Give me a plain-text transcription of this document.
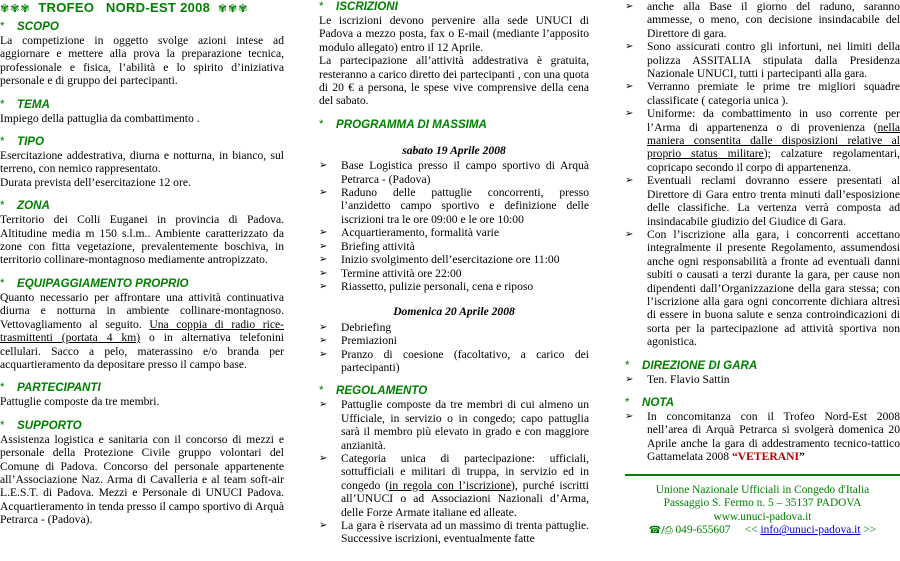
✾✾✾ TROFEO NORD-EST 2008 ✾✾✾
* SCOPO

La competizione in oggetto svolge azioni intese ad aggiornare e mettere alla prova la preparazione tecnica, professionale e fisica, l’abilità e lo spirito d’iniziativa personale e di gruppo dei partecipanti.

* TEMA

Impiego della pattuglia da combattimento .

* TIPO

Esercitazione addestrativa, diurna e notturna, in bianco, sul terreno, con nemico rappresentato.

Durata prevista dell’esercitazione 12 ore.

* ZONA

Territorio dei Colli Euganei in provincia di Padova. Altitudine media m 150 s.l.m.. Ambiente caratterizzato da zone con fitta vegetazione, prevalentemente boschiva, in territorio collinare-montagnoso mediamente antropizzato.

* EQUIPAGGIAMENTO PROPRIO

Quanto necessario per affrontare una attività continuativa diurna e notturna in ambiente collinare-montagnoso. Vettovagliamento al seguito. Una coppia di radio rice-trasmittenti (portata 4 km) o in alternativa telefonini cellulari. Sacco a pelo, materassino e/o branda per acquartieramento da depositare presso il campo base.

* PARTECIPANTI

Pattuglie composte da tre membri.

* SUPPORTO

Assistenza logistica e sanitaria con il concorso di mezzi e personale della Protezione Civile gruppo volontari del Comune di Padova. Concorso del personale appartenente all’Associazione Naz. Arma di Cavalleria e al team soft-air L.E.S.T. di Padova. Mezzi e Personale di UNUCI Padova. Acquartieramento in tenda presso il campo sportivo di Arquà Petrarca - (Padova).

* ISCRIZIONI

Le iscrizioni devono pervenire alla sede UNUCI di Padova a mezzo posta, fax o E-mail (mediante l’apposito modulo allegato) entro il 12 Aprile.

La partecipazione all’attività addestrativa è gratuita, resteranno a carico diretto dei partecipanti , con una quota di 20 € a persona, le spese vive comprensive della cena del sabato.

* PROGRAMMA DI MASSIMA
sabato 19 Aprile 2008
➢ Base Logistica presso il campo sportivo di Arquà Petrarca - (Padova)
➢ Raduno delle pattuglie concorrenti, presso l’anzidetto campo sportivo e definizione delle iscrizioni tra le ore 09:00 e le ore 10:00
➢ Acquartieramento, formalità varie
➢ Briefing attività
➢ Inizio svolgimento dell’esercitazione ore 11:00
➢ Termine attività ore 22:00
➢ Riassetto, pulizie personali, cena e riposo
Domenica 20 Aprile 2008
➢ Debriefing
➢ Premiazioni
➢ Pranzo di coesione (facoltativo, a carico dei partecipanti)
* REGOLAMENTO
➢ Pattuglie composte da tre membri di cui almeno un Ufficiale, in servizio o in congedo; capo pattuglia sarà il membro più elevato in grado e con maggiore anzianità.
➢ Categoria unica di partecipazione: ufficiali, sottufficiali e militari di truppa, in servizio ed in congedo (in regola con l’iscrizione), purché iscritti all’UNUCI o ad Associazioni Nazionali d’Arma, delle Forze Armate italiane ed alleate.
➢ La gara è riservata ad un massimo di trenta pattuglie. Successive iscrizioni, eventualmente fatte
➢ anche alla Base il giorno del raduno, saranno ammesse, o meno, con decisione insindacabile del Direttore di gara.
➢ Sono assicurati contro gli infortuni, nei limiti della polizza ASSITALIA stipulata dalla Presidenza Nazionale UNUCI, tutti i partecipanti alla gara.
➢ Verranno premiate le prime tre migliori squadre classificate ( categoria unica ).
➢ Uniforme: da combattimento in uso corrente per l’Arma di appartenenza o di provenienza (nella maniera consentita dalle disposizioni relative al proprio status militare); calzature regolamentari, copricapo secondo il corpo di appartenenza.
➢ Eventuali reclami dovranno essere presentati al Direttore di Gara entro trenta minuti dall’esposizione delle classifiche. La vertenza verrà composta ad insindacabile giudizio del Giudice di Gara.
➢ Con l’iscrizione alla gara, i concorrenti accettano integralmente il presente Regolamento, assumendosi anche ogni responsabilità a fronte ad eventuali danni subiti o causati a terzi durante la gara, per cause non dipendenti dall’Organizzazione della gara stessa; con l’iscrizione alla gara ogni concorrente dichiara altresì di essere in buona salute e senza controindicazioni di sorta per la partecipazione ad attività sportiva non agonistica.
* DIREZIONE DI GARA
➢ Ten. Flavio Sattin
* NOTA
➢ In concomitanza con il Trofeo Nord-Est 2008 nell’area di Arquà Petrarca si svolgerà domenica 20 Aprile anche la gara di addestramento tecnico-tattico Gattamelata 2008 “VETERANI”
Unione Nazionale Ufficiali in Congedo d'Italia
Passaggio S. Fermo n. 5 – 35137 PADOVA
www.unuci-padova.it
☎/⎙ 049-655607 << info@unuci-padova.it >>
